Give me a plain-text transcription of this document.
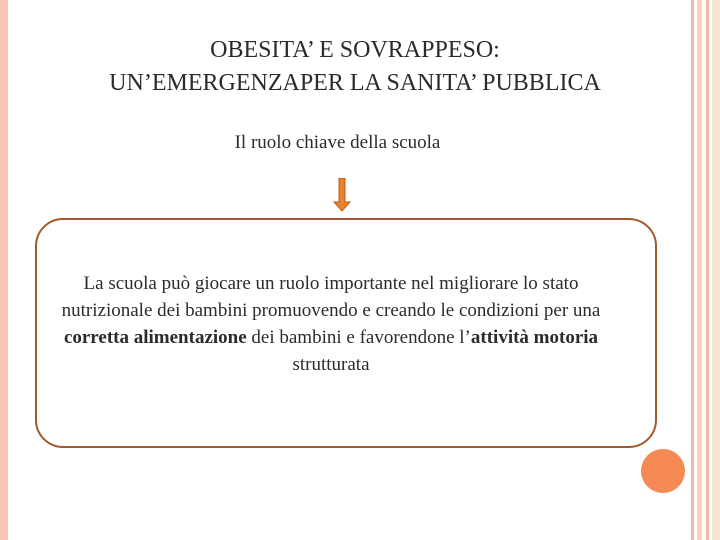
OBESITA’ E SOVRAPPESO:
UN’EMERGENZAPER LA SANITA’ PUBBLICA
Il ruolo chiave della scuola
La scuola può giocare un ruolo importante nel migliorare lo stato nutrizionale dei bambini promuovendo e creando le condizioni per una corretta alimentazione dei bambini e favorendone l’attività motoria strutturata
